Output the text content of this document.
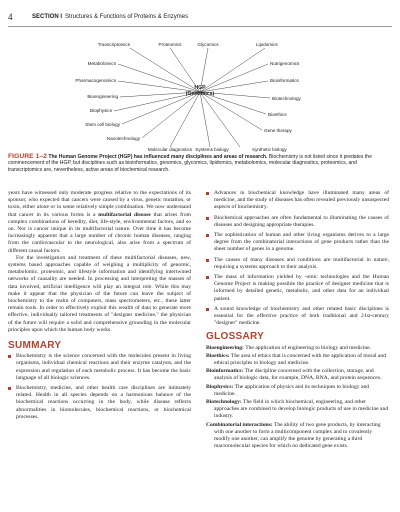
4	SECTION I Structures & Functions of Proteins & Enzymes
HGP
(Genomics)
Transcriptomics	Proteomics	Glycomics	Lipidomics
Metabolomics	Nutrigenomics
Pharmacogenomics	Bioinformatics
Bioengineering	Biotechnology
Biophysics
Bioethics
Stem cell biology
Gene therapy
Nanotechnology
Molecular diagnostics Systems biology	Synthetic biology
FIGURE 1–2 The Human Genome Project (HGP) has influenced many disciplines and areas of research. Biochemistry is not listed since it predates the commencement of the HGP, but disciplines such as bioinformatics, genomics, glycomics, lipidomics, metabolomics, molecular diagnostics, proteomics, and transcriptomics are, nevertheless, active areas of biochemical research.

years have witnessed only moderate progress relative to the expectations of its sponsor, who expected that cancers were caused by a virus, genetic mutation, or toxin, either alone or in some relatively simple combination. We now understand that cancer in its various forms is a multifactorial disease that arises from complex combinations of heredity, diet, life-style, environmental factors, and so on. Nor is cancer unique in its multifactorial nature. Over time it has become increasingly apparent that a large number of chronic human diseases, ranging from the cardiovascular to the neurological, also arise from a spectrum of different causal factors.

For the investigation and treatment of these multifactorial diseases, new, systems based approaches capable of weighing a multiplicity of genomic, metabolomic, proteomic, and lifestyle information and identifying intertwined networks of causality are needed. In processing and interpreting the masses of data involved, artificial intelligence will play an integral role. While this may make it appear that the physician of the future can leave the subject of biochemistry to the realm of computers, mass spectrometers, etc., these latter remain tools. In order to effectively exploit this wealth of data to generate more effective, individually tailored treatments of "designer medicine," the physician of the future will require a solid and comprehensive grounding in the molecular principles upon which the human body works.

SUMMARY
Biochemistry is the science concerned with the molecules present in living organisms, individual chemical reactions and their enzyme catalysts, and the expression and regulation of each metabolic process. It has become the basic language of all biologic sciences.
Biochemistry, medicine, and other health care disciplines are intimately related. Health in all species depends on a harmonious balance of the biochemical reactions occurring in the body, while disease reflects abnormalities in biomolecules, biochemical reactions, or biochemical processes.
Advances in biochemical knowledge have illuminated many areas of medicine, and the study of diseases has often revealed previously unsuspected aspects of biochemistry.
Biochemical approaches are often fundamental to illuminating the causes of diseases and designing appropriate therapies.
The sophistication of human and other living organisms derives to a large degree from the combinatorial interactions of gene products rather than the sheer number of genes in a genome.
The causes of many diseases and conditions are multifactorial in nature, requiring a systems approach to their analysis.
The mass of information yielded by -omic technologies and the Human Genome Project is making possible the practice of designer medicine that is informed by detailed genetic, metabolic, and other data for an individual patient.
A sound knowledge of biochemistry and other related basic disciplines is essential for the effective practice of both traditional and 21st-century "designer" medicine.
GLOSSARY

Bioengineering: The application of engineering to biology and medicine.

Bioethics: The area of ethics that is concerned with the application of moral and ethical principles to biology and medicine.

Bioinformatics: The discipline concerned with the collection, storage, and analysis of biologic data, for example, DNA, RNA, and protein sequences.

Biophysics: The application of physics and its techniques to biology and medicine.

Biotechnology: The field in which biochemical, engineering, and other approaches are combined to develop biologic products of use in medicine and industry.

Combinatorial interactions: The ability of two gene products, by interacting with one another to form a multicomponent complex and to covalently modify one another, can amplify the genome by generating a third macromolecular species for which no dedicated gene exists.
